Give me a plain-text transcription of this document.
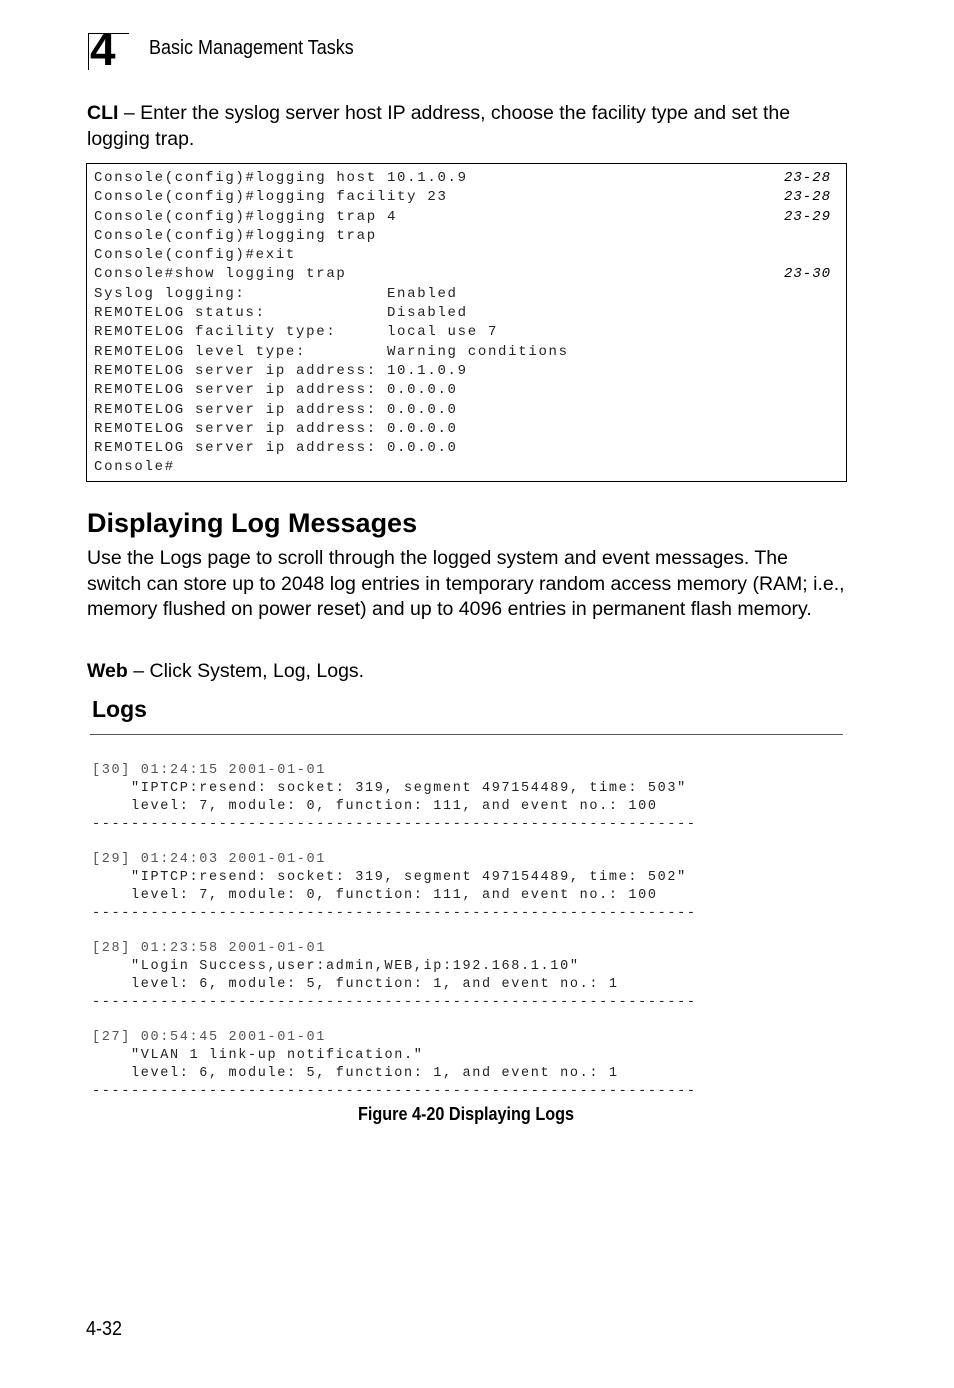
4 Basic Management Tasks
CLI – Enter the syslog server host IP address, choose the facility type and set the logging trap.
Console(config)#logging host 10.1.0.9
Console(config)#logging facility 23
Console(config)#logging trap 4
Console(config)#logging trap
Console(config)#exit
Console#show logging trap
Syslog logging:              Enabled
REMOTELOG status:            Disabled
REMOTELOG facility type:     local use 7
REMOTELOG level type:        Warning conditions
REMOTELOG server ip address: 10.1.0.9
REMOTELOG server ip address: 0.0.0.0
REMOTELOG server ip address: 0.0.0.0
REMOTELOG server ip address: 0.0.0.0
REMOTELOG server ip address: 0.0.0.0
Console#
23-28
23-28
23-29
23-30
Displaying Log Messages
Use the Logs page to scroll through the logged system and event messages. The switch can store up to 2048 log entries in temporary random access memory (RAM; i.e., memory flushed on power reset) and up to 4096 entries in permanent flash memory.
Web – Click System, Log, Logs.
Logs
[30] 01:24:15 2001-01-01
"IPTCP:resend: socket: 319, segment 497154489, time: 503"
level: 7, module: 0, function: 111, and event no.: 100
--------------------------------------------------------------
[29] 01:24:03 2001-01-01
"IPTCP:resend: socket: 319, segment 497154489, time: 502"
level: 7, module: 0, function: 111, and event no.: 100
--------------------------------------------------------------
[28] 01:23:58 2001-01-01
"Login Success,user:admin,WEB,ip:192.168.1.10"
level: 6, module: 5, function: 1, and event no.: 1
--------------------------------------------------------------
[27] 00:54:45 2001-01-01
"VLAN 1 link-up notification."
level: 6, module: 5, function: 1, and event no.: 1
--------------------------------------------------------------
Figure 4-20 Displaying Logs
4-32
